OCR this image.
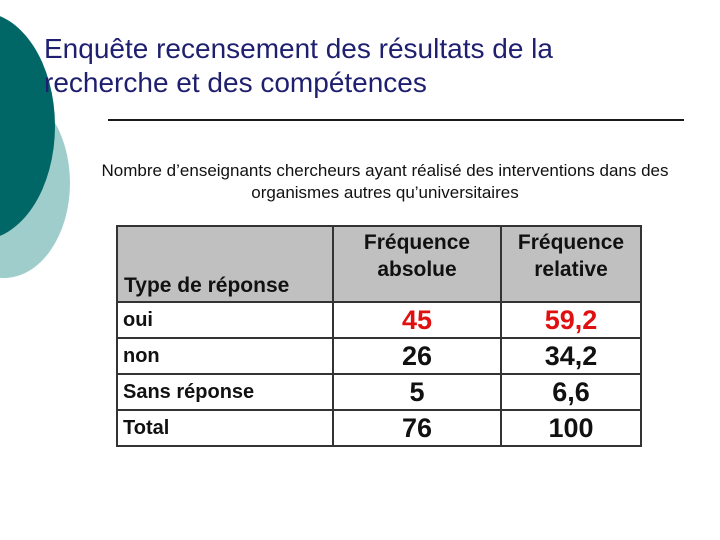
Enquête recensement des résultats de la recherche et des compétences

Nombre d’enseignants chercheurs ayant réalisé des interventions dans des organismes autres qu’universitaires

Type de réponse	Fréquence absolue	Fréquence relative
oui	45	59,2
non	26	34,2
Sans réponse	5	6,6
Total	76	100
